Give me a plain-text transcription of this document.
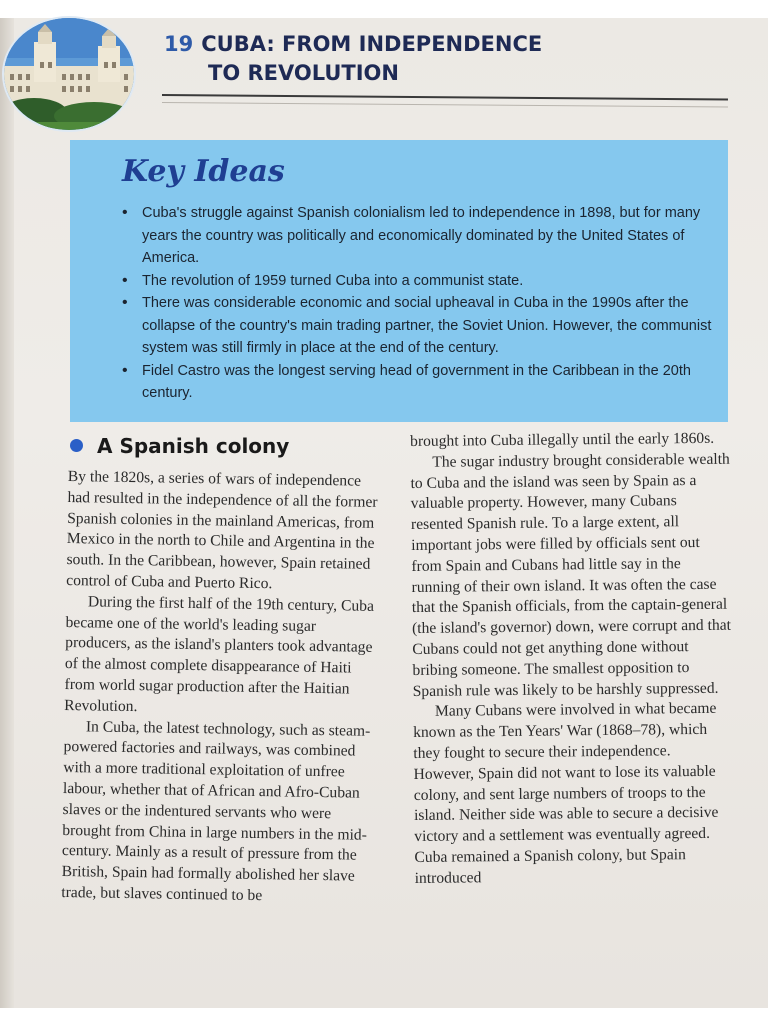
19 CUBA: FROM INDEPENDENCE
TO REVOLUTION
Key Ideas
• Cuba's struggle against Spanish colonialism led to independence in 1898, but for many years the country was politically and economically dominated by the United States of America.
• The revolution of 1959 turned Cuba into a communist state.
• There was considerable economic and social upheaval in Cuba in the 1990s after the collapse of the country's main trading partner, the Soviet Union. However, the communist system was still firmly in place at the end of the century.
• Fidel Castro was the longest serving head of government in the Caribbean in the 20th century.
A Spanish colony

By the 1820s, a series of wars of independence had resulted in the independence of all the former Spanish colonies in the mainland Americas, from Mexico in the north to Chile and Argentina in the south. In the Caribbean, however, Spain retained control of Cuba and Puerto Rico.

During the first half of the 19th century, Cuba became one of the world's leading sugar producers, as the island's planters took advantage of the almost complete disappearance of Haiti from world sugar production after the Haitian Revolution.

In Cuba, the latest technology, such as steam-powered factories and railways, was combined with a more traditional exploitation of unfree labour, whether that of African and Afro-Cuban slaves or the indentured servants who were brought from China in large numbers in the mid-century. Mainly as a result of pressure from the British, Spain had formally abolished her slave trade, but slaves continued to be

brought into Cuba illegally until the early 1860s.

The sugar industry brought considerable wealth to Cuba and the island was seen by Spain as a valuable property. However, many Cubans resented Spanish rule. To a large extent, all important jobs were filled by officials sent out from Spain and Cubans had little say in the running of their own island. It was often the case that the Spanish officials, from the captain-general (the island's governor) down, were corrupt and that Cubans could not get anything done without bribing someone. The smallest opposition to Spanish rule was likely to be harshly suppressed.

Many Cubans were involved in what became known as the Ten Years' War (1868–78), which they fought to secure their independence. However, Spain did not want to lose its valuable colony, and sent large numbers of troops to the island. Neither side was able to secure a decisive victory and a settlement was eventually agreed. Cuba remained a Spanish colony, but Spain introduced
